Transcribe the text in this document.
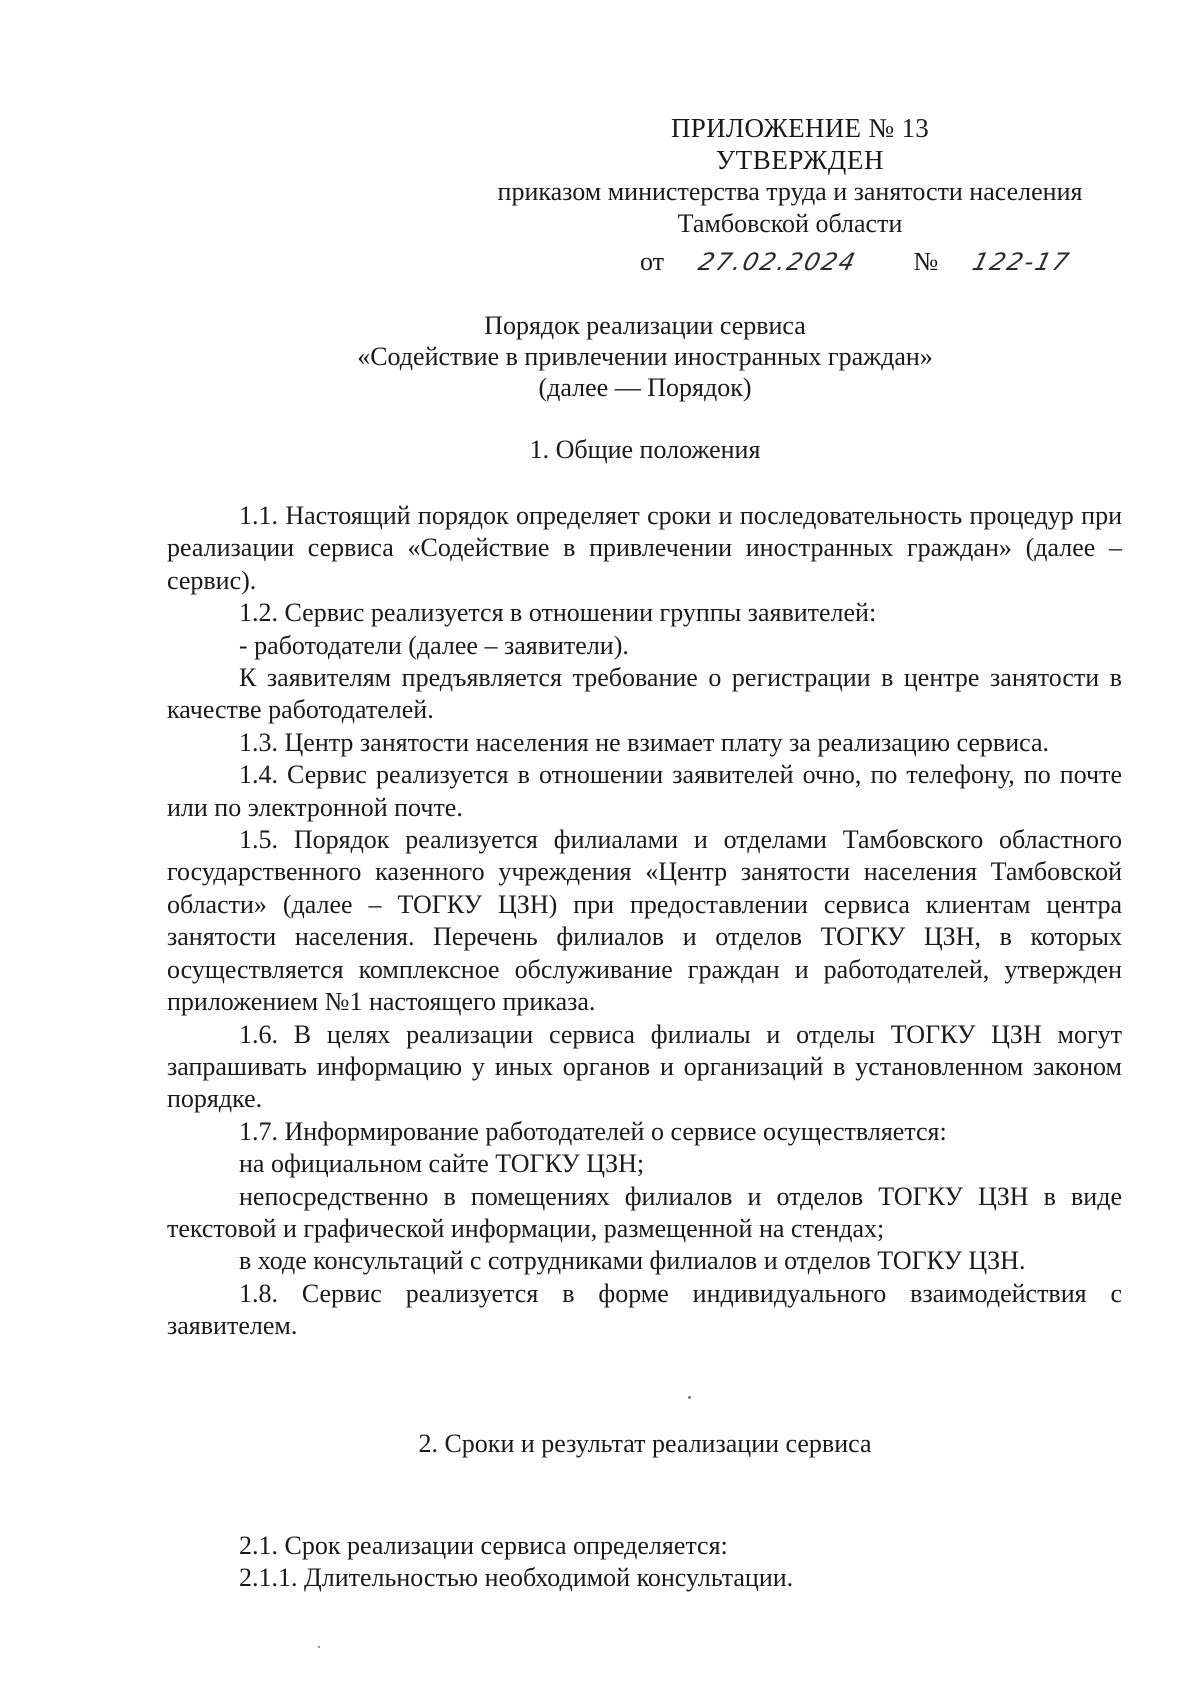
ПРИЛОЖЕНИЕ № 13
УТВЕРЖДЕН
приказом министерства труда и занятости населения
Тамбовской области
от 27.02.2024 № 122-17
Порядок реализации сервиса
«Содействие в привлечении иностранных граждан»
(далее — Порядок)
1. Общие положения

1.1. Настоящий порядок определяет сроки и последовательность процедур при реализации сервиса «Содействие в привлечении иностранных граждан» (далее – сервис).

1.2. Сервис реализуется в отношении группы заявителей:

- работодатели (далее – заявители).

К заявителям предъявляется требование о регистрации в центре занятости в качестве работодателей.

1.3. Центр занятости населения не взимает плату за реализацию сервиса.

1.4. Сервис реализуется в отношении заявителей очно, по телефону, по почте или по электронной почте.

1.5. Порядок реализуется филиалами и отделами Тамбовского областного государственного казенного учреждения «Центр занятости населения Тамбовской области» (далее – ТОГКУ ЦЗН) при предоставлении сервиса клиентам центра занятости населения. Перечень филиалов и отделов ТОГКУ ЦЗН, в которых осуществляется комплексное обслуживание граждан и работодателей, утвержден приложением №1 настоящего приказа.

1.6. В целях реализации сервиса филиалы и отделы ТОГКУ ЦЗН могут запрашивать информацию у иных органов и организаций в установленном законом порядке.

1.7. Информирование работодателей о сервисе осуществляется:

на официальном сайте ТОГКУ ЦЗН;

непосредственно в помещениях филиалов и отделов ТОГКУ ЦЗН в виде текстовой и графической информации, размещенной на стендах;

в ходе консультаций с сотрудниками филиалов и отделов ТОГКУ ЦЗН.

1.8. Сервис реализуется в форме индивидуального взаимодействия с заявителем.

2. Сроки и результат реализации сервиса

2.1. Срок реализации сервиса определяется:

2.1.1. Длительностью необходимой консультации.
